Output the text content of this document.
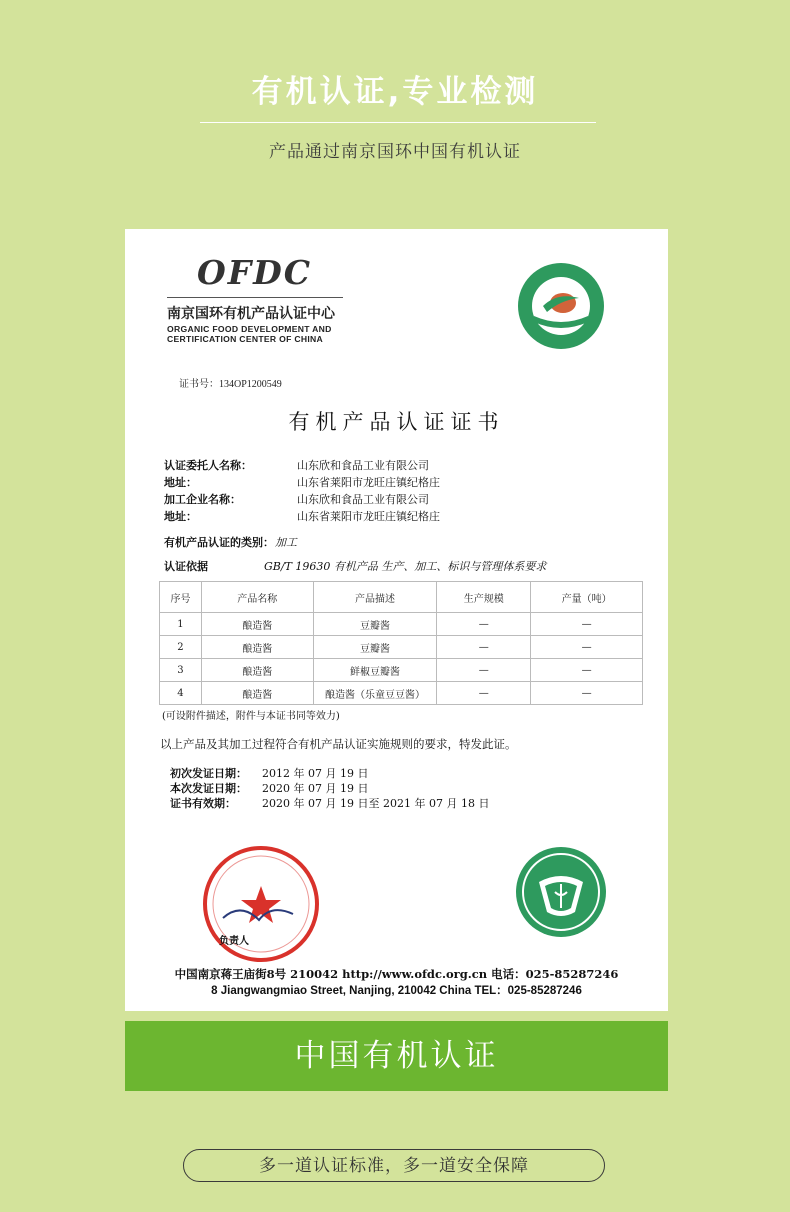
有机认证,专业检测
产品通过南京国环中国有机认证
OFDC
南京国环有机产品认证中心
ORGANIC FOOD DEVELOPMENT AND
CERTIFICATION CENTER OF CHINA
证书号：134OP1200549
有机产品认证证书
认证委托人名称：	山东欣和食品工业有限公司
地址：	山东省莱阳市龙旺庄镇纪格庄
加工企业名称：	山东欣和食品工业有限公司
地址：	山东省莱阳市龙旺庄镇纪格庄
有机产品认证的类别： 加工
认证依据	GB/T 19630 有机产品 生产、加工、标识与管理体系要求
序号	产品名称	产品描述	生产规模	产量（吨）
1	酿造酱	豆瓣酱	—	—
2	酿造酱	豆瓣酱	—	—
3	酿造酱	鲜椒豆瓣酱	—	—
4	酿造酱	酿造酱（乐童豆豆酱）	—	—
(可设附件描述，附件与本证书同等效力)
以上产品及其加工过程符合有机产品认证实施规则的要求，特发此证。
初次发证日期： 2012 年 07 月 19 日
本次发证日期： 2020 年 07 月 19 日
证书有效期： 2020 年 07 月 19 日至 2021 年 07 月 18 日
负责人
中国南京蒋王庙街8号 210042 http://www.ofdc.org.cn 电话：025-85287246
8 Jiangwangmiao Street, Nanjing, 210042 China TEL：025-85287246
中国有机认证
多一道认证标准，多一道安全保障
